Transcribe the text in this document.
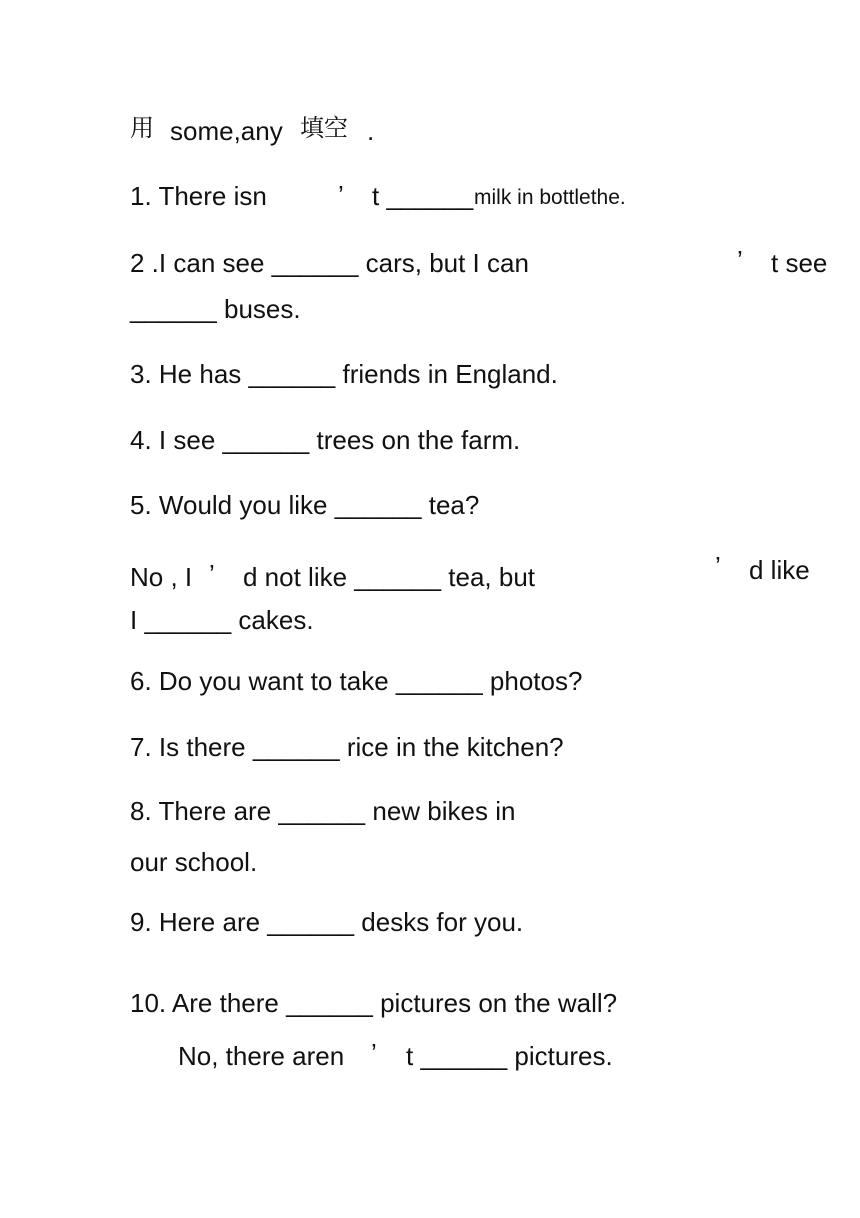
用 some,any 填空 .
1. There isn	’ t ______ milk in bottlethe.
2 .I can see ______ cars, but I can	’ t see
______ buses.
3. He has ______ friends in England.
4. I see ______ trees on the farm.
5. Would you like ______ tea?
No , I ’ d not like ______ tea, but	’ d like
I ______ cakes.
6. Do you want to take ______ photos?
7. Is there ______ rice in the kitchen?
8. There are ______ new bikes in
our school.
9. Here are ______ desks for you.
10. Are there ______ pictures on the wall?
No, there aren ’ t ______ pictures.
